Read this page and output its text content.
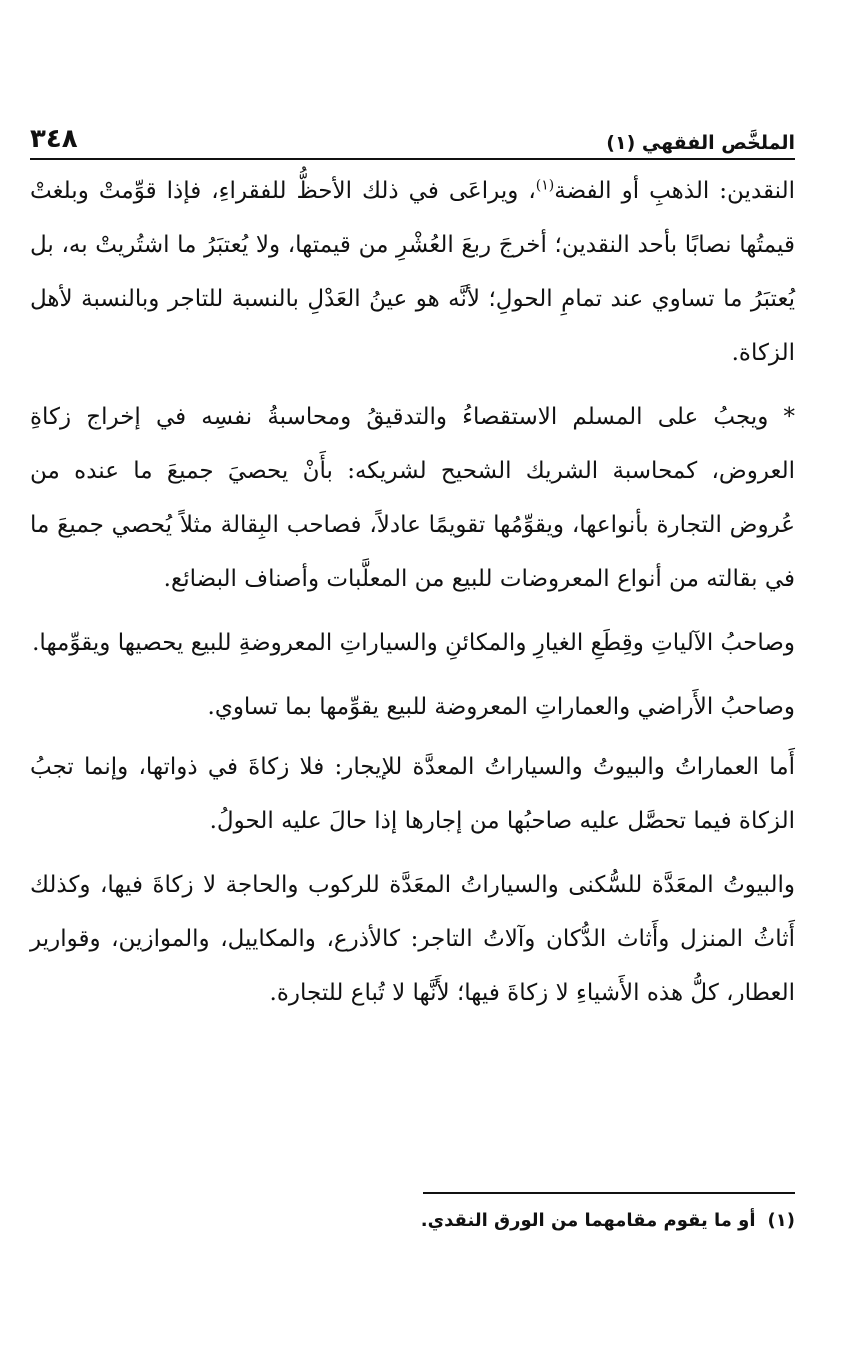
الملخَّص الفقهي (١)
٣٤٨

النقدين: الذهبِ أو الفضة$^{(١)}$، ويراعَى في ذلك الأحظُّ للفقراءِ، فإذا قوِّمتْ وبلغتْ قيمتُها نصابًا بأحد النقدين؛ أخرجَ ربعَ العُشْرِ من قيمتها، ولا يُعتبَرُ ما اشتُريتْ به، بل يُعتبَرُ ما تساوي عند تمامِ الحولِ؛ لأنَّه هو عينُ العَدْلِ بالنسبة للتاجر وبالنسبة لأهل الزكاة.

* ويجبُ على المسلم الاستقصاءُ والتدقيقُ ومحاسبةُ نفسِه في إخراج زكاةِ العروض، كمحاسبة الشريك الشحيح لشريكه: بأَنْ يحصيَ جميعَ ما عنده من عُروض التجارة بأنواعها، ويقوِّمُها تقويمًا عادلاً، فصاحب البِقالة مثلاً يُحصي جميعَ ما في بقالته من أنواع المعروضات للبيع من المعلَّبات وأصناف البضائع.

وصاحبُ الآلياتِ وقِطَعِ الغيارِ والمكائنِ والسياراتِ المعروضةِ للبيع يحصيها ويقوِّمها.

وصاحبُ الأَراضي والعماراتِ المعروضة للبيع يقوِّمها بما تساوي.

أَما العماراتُ والبيوتُ والسياراتُ المعدَّة للإيجار: فلا زكاةَ في ذواتها، وإنما تجبُ الزكاة فيما تحصَّل عليه صاحبُها من إجارها إذا حالَ عليه الحولُ.

والبيوتُ المعَدَّة للسُّكنى والسياراتُ المعَدَّة للركوب والحاجة لا زكاةَ فيها، وكذلك أَثاثُ المنزل وأَثاث الدُّكان وآلاتُ التاجر: كالأذرع، والمكاييل، والموازين، وقوارير العطار، كلُّ هذه الأَشياءِ لا زكاةَ فيها؛ لأَنَّها لا تُباع للتجارة.

(١)أو ما يقوم مقامهما من الورق النقدي.
